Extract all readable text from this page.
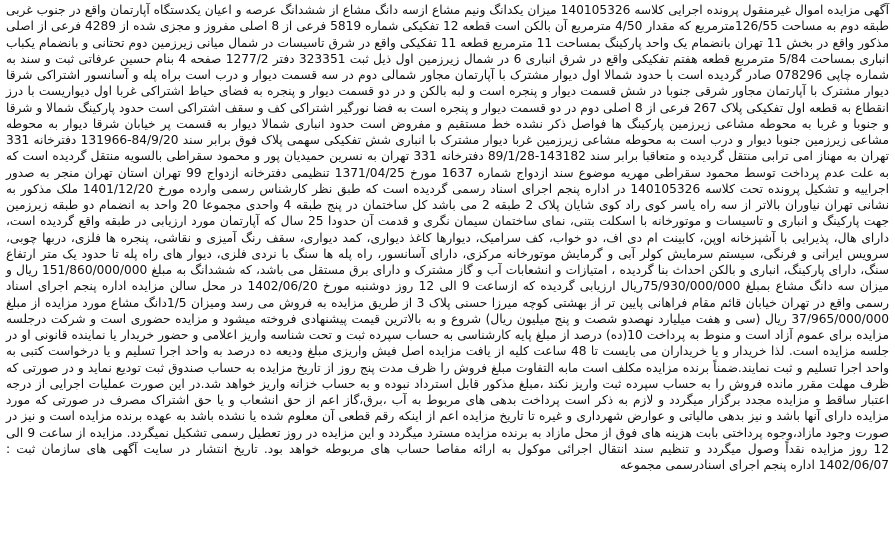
آگهی مزایده اموال غیرمنقول پرونده اجرایی کلاسه 140105326 میزان یکدانگ ونیم مشاع ازسه دانگ مشاع از ششدانگ عرصه و اعیان یکدستگاه آپارتمان واقع در جنوب غربی طبقه دوم به مساحت 126/55مترمربع که مقدار 4/50 مترمربع آن بالکن است قطعه 12 تفکیکی شماره 5819 فرعی از 8 اصلی مفروز و مجزی شده از 4289 فرعی از اصلی مذکور واقع در بخش 11 تهران بانضمام یک واحد پارکینگ بمساحت 11 مترمربع قطعه 11 تفکیکی واقع در شرق تاسیسات در شمال میانی زیرزمین دوم تحتانی و بانضمام یکباب انباری بمساحت 5/84 مترمربع قطعه هفتم تفکیکی واقع در شرق انباری 6 در شمال زیرزمین اول ذیل ثبت 323351 دفتر 1277/2 صفحه 4 بنام حسین عرفاتی ثبت و سند به شماره چاپی 078296 صادر گردیده است با حدود شمالا اول دیوار مشترک با آپارتمان مجاور شمالی دوم در سه قسمت دیوار و درب است براه پله و آسانسور اشتراکی شرقا دیوار مشترک با آپارتمان مجاور شرقی جنوبا در شش قسمت دیوار و پنجره است و لبه بالکن و در دو قسمت دیوار و پنجره به فضای حیاط اشتراکی غربا اول دیواریست با درز انقطاع به قطعه اول تفکیکی پلاک 267 فرعی از 8 اصلی دوم در دو قسمت دیوار و پنجره است به فضا نورگیر اشتراکی کف و سقف اشتراکی است حدود پارکینگ شمالا و شرقا و جنوبا و غربا به محوطه مشاعی زیرزمین پارکینگ ها فواصل ذکر نشده خط مستقیم و مفروض است حدود انباری شمالا دیوار به قسمت پر خیابان شرقا دیوار به محوطه مشاعی زیرزمین جنوبا دیوار و درب است به محوطه مشاعی زیرزمین غربا دیوار مشترک با انباری شش تفکیکی سهمی پلاک فوق برابر سند 84/9/20-131966 دفترخانه 331 تهران به مهناز امی ترابی منتقل گردیده و متعاقبا برابر سند 143182-89/1/28 دفترخانه 331 تهران به نسرین حمیدیان پور و محمود سقراطی بالسویه منتقل گردیده است که به علت عدم پرداخت توسط محمود سقراطی مهریه موضوع سند ازدواج شماره 1637 مورخ 1371/04/25 تنظیمی دفترخانه ازدواج 99 تهران استان تهران منجر به صدور اجراییه و تشکیل پرونده تحت کلاسه 140105326 در اداره پنجم اجرای اسناد رسمی گردیده است که طبق نظر کارشناس رسمی وارده مورخ 1401/12/20 ملک مذکور به نشانی تهران نیاوران بالاتر از سه راه یاسر کوی راد کوی شایان پلاک 2 طبقه 2 می باشد کل ساختمان در پنج طبقه 4 واحدی مجموعا 20 واحد به انضمام دو طبقه زیرزمین جهت پارکینگ و انباری و تاسیسات و موتورخانه با اسکلت بتنی، نمای ساختمان سیمان نگری و قدمت آن حدودا 25 سال که آپارتمان مورد ارزیابی در طبقه واقع گردیده است، دارای هال، پذیرایی با آشپزخانه اوپن، کابینت ام دی اف، دو خواب، کف سرامیک، دیوارها کاغذ دیواری، کمد دیواری، سقف رنگ آمیزی و نقاشی، پنجره ها فلزی، دربها چوبی، سرویس ایرانی و فرنگی، سیستم سرمایش کولر آبی و گرمایش موتورخانه مرکزی، دارای آسانسور، راه پله ها سنگ با نردی فلزی، دیوار های راه پله تا حدود یک متر ارتفاع سنگ، دارای پارکینگ، انباری و بالکن احداث بنا گردیده ، امتیازات و انشعابات آب و گاز مشترک و دارای برق مستقل می باشد، که ششدانگ به مبلغ 151/860/000/000 ریال و میزان سه دانگ مشاع بمبلغ 75/930/000/000ریال ارزیابی گردیده که ازساعت 9 الی 12 روز دوشنبه مورخ 1402/06/20 در محل سالن مزایده اداره پنجم اجرای اسناد رسمی واقع در تهران خیابان قائم مقام فراهانی پایین تر از بهشتی کوچه میرزا حسنی پلاک 3 از طریق مزایده به فروش می رسد ومیزان 1/5دانگ مشاع مورد مزایده از مبلغ 37/965/000/000 ریال (سی و هفت میلیارد نهصدو شصت و پنج میلیون ریال) شروع و به بالاترین قیمت پیشنهادی فروخته میشود و مزایده حضوری است و شرکت درجلسه مزایده برای عموم آزاد است و منوط به پرداخت 10(ده) درصد از مبلغ پایه کارشناسی به حساب سپرده ثبت و تحت شناسه واریز اعلامی و حضور خریدار یا نماینده قانونی او در جلسه مزایده است. لذا خریدار و یا خریداران می بایست تا 48 ساعت کلیه از یافت مزایده اصل فیش واریزی مبلغ ودیعه ده درصد به واحد اجرا تسلیم و یا درخواست کتبی به واحد اجرا تسلیم و ثبت نمایند.ضمناً برنده مزایده مکلف است مابه التفاوت مبلغ فروش را ظرف مدت پنج روز از تاریخ مزایده به حساب صندوق ثبت تودیع نماید و در صورتی که ظرف مهلت مقرر مانده فروش را به حساب سپرده ثبت واریز نکند ،مبلغ مذکور قابل استرداد نبوده و به حساب خزانه واریز خواهد شد.در این صورت عملیات اجرایی از درجه اعتبار ساقط و مزایده مجدد برگزار میگردد و لازم به ذکر است پرداخت بدهی های مربوط به آب ،برق،گاز اعم از حق انشعاب و یا حق اشتراک مصرف در صورتی که مورد مزایده دارای آنها باشد و نیز بدهی مالیاتی و عوارض شهرداری و غیره تا تاریخ مزایده اعم از اینکه رقم قطعی آن معلوم شده یا نشده باشد به عهده برنده مزایده است و نیز در صورت وجود مازاد،وجوه پرداختی بابت هزینه های فوق از محل مازاد به برنده مزایده مسترد میگردد و این مزایده در روز تعطیل رسمی تشکیل نمیگردد. مزایده از ساعت 9 الی 12 روز مزایده نقداً وصول میگردد و تنظیم سند انتقال اجرائی موکول به ارائه مفاصا حساب های مربوطه خواهد بود. تاریخ انتشار در سایت آگهی های سازمان ثبت : 1402/06/07 اداره پنجم اجرای اسنادرسمی مجموعه
